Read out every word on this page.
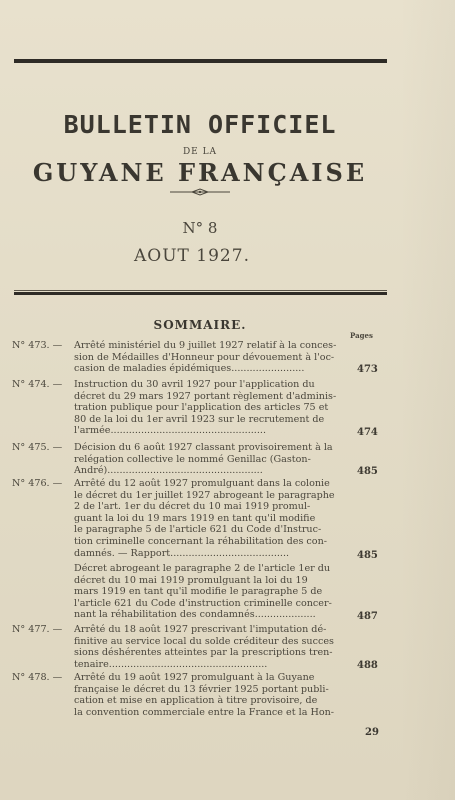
BULLETIN OFFICIEL
DE LA
GUYANE FRANÇAISE
N° 8
AOUT 1927.
SOMMAIRE.
Pages
N° 473. —	Arrêté ministériel du 9 juillet 1927 relatif à la conces-
sion de Médailles d'Honneur pour dévouement à l'oc-
casion de maladies épidémiques........................	473
N° 474. —	Instruction du 30 avril 1927 pour l'application du
décret du 29 mars 1927 portant règlement d'adminis-
tration publique pour l'application des articles 75 et
80 de la loi du 1er avril 1923 sur le recrutement de
l'armée...................................................	474
N° 475. —	Décision du 6 août 1927 classant provisoirement à la
relégation collective le nommé Genillac (Gaston-
André)...................................................	485
N° 476. —	Arrêté du 12 août 1927 promulguant dans la colonie
le décret du 1er juillet 1927 abrogeant le paragraphe
2 de l'art. 1er du décret du 10 mai 1919 promul-
guant la loi du 19 mars 1919 en tant qu'il modifie
le paragraphe 5 de l'article 621 du Code d'Instruc-
tion criminelle concernant la réhabilitation des con-
damnés. — Rapport.......................................	485
Décret abrogeant le paragraphe 2 de l'article 1er du
décret du 10 mai 1919 promulguant la loi du 19
mars 1919 en tant qu'il modifie le paragraphe 5 de
l'article 621 du Code d'instruction criminelle concer-
nant la réhabilitation des condamnés....................	487
N° 477. —	Arrêté du 18 août 1927 prescrivant l'imputation dé-
finitive au service local du solde créditeur des succes
sions déshérentes atteintes par la prescriptions tren-
tenaire....................................................	488
N° 478. —	Arrêté du 19 août 1927 promulguant à la Guyane
française le décret du 13 février 1925 portant publi-
cation et mise en application à titre provisoire, de
la convention commerciale entre la France et la Hon-
29
